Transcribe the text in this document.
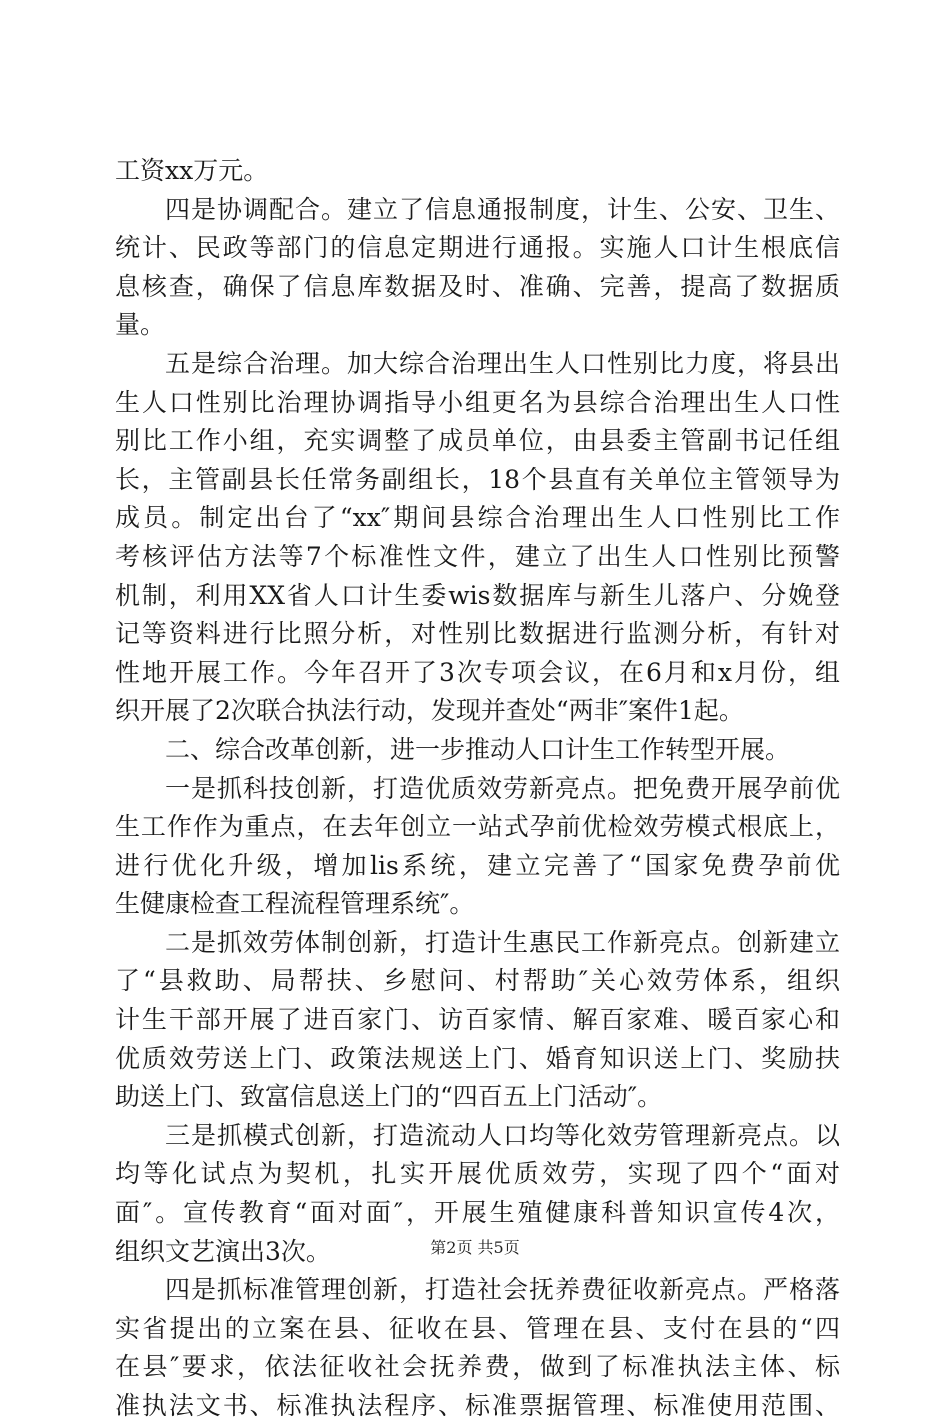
工资xx万元。
四是协调配合。建立了信息通报制度，计生、公安、卫生、
统计、民政等部门的信息定期进行通报。实施人口计生根底信
息核查，确保了信息库数据及时、准确、完善，提高了数据质
量。
五是综合治理。加大综合治理出生人口性别比力度，将县出
生人口性别比治理协调指导小组更名为县综合治理出生人口性
别比工作小组，充实调整了成员单位，由县委主管副书记任组
长，主管副县长任常务副组长，18个县直有关单位主管领导为
成员。制定出台了“xx″期间县综合治理出生人口性别比工作
考核评估方法等7个标准性文件，建立了出生人口性别比预警
机制，利用XX省人口计生委wis数据库与新生儿落户、分娩登
记等资料进行比照分析，对性别比数据进行监测分析，有针对
性地开展工作。今年召开了3次专项会议，在6月和x月份，组
织开展了2次联合执法行动，发现并查处“两非″案件1起。
二、综合改革创新，进一步推动人口计生工作转型开展。
一是抓科技创新，打造优质效劳新亮点。把免费开展孕前优
生工作作为重点，在去年创立一站式孕前优检效劳模式根底上，
进行优化升级，增加lis系统，建立完善了“国家免费孕前优
生健康检查工程流程管理系统″。
二是抓效劳体制创新，打造计生惠民工作新亮点。创新建立
了“县救助、局帮扶、乡慰问、村帮助″关心效劳体系，组织
计生干部开展了进百家门、访百家情、解百家难、暖百家心和
优质效劳送上门、政策法规送上门、婚育知识送上门、奖励扶
助送上门、致富信息送上门的“四百五上门活动″。
三是抓模式创新，打造流动人口均等化效劳管理新亮点。以
均等化试点为契机，扎实开展优质效劳，实现了四个“面对
面″。宣传教育“面对面″，开展生殖健康科普知识宣传4次，
组织文艺演出3次。
四是抓标准管理创新，打造社会抚养费征收新亮点。严格落
实省提出的立案在县、征收在县、管理在县、支付在县的“四
在县″要求，依法征收社会抚养费，做到了标准执法主体、标
准执法文书、标准执法程序、标准票据管理、标准使用范围、
第2页 共5页
